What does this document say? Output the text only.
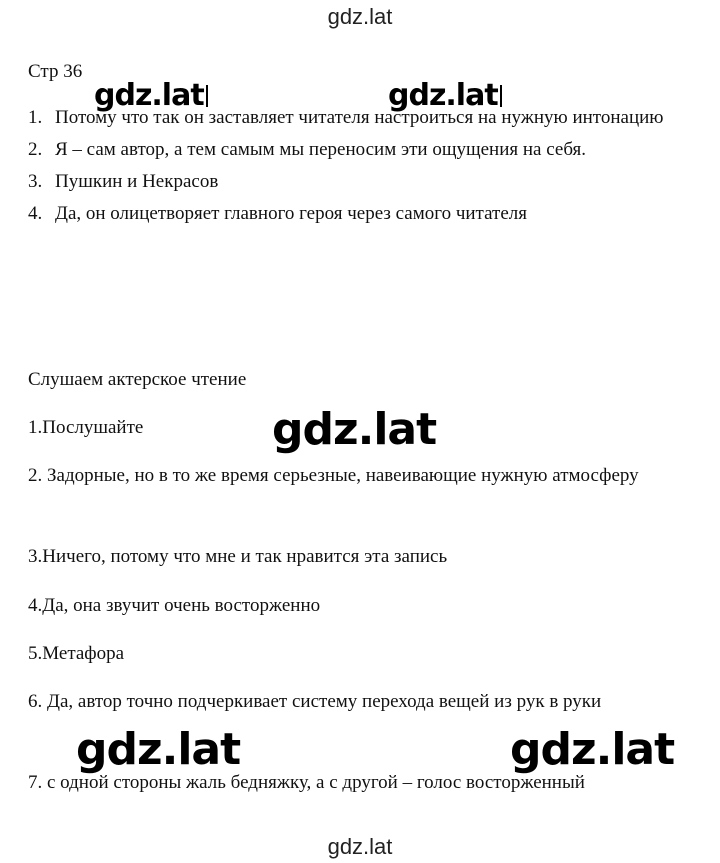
gdz.lat
Стр 36
1. Потому что так он заставляет читателя настроиться на нужную интонацию
2. Я – сам автор, а тем самым мы переносим эти ощущения на себя.
3. Пушкин и Некрасов
4. Да, он олицетворяет главного героя через самого читателя
Слушаем актерское чтение
1.Послушайте
2. Задорные, но в то же время серьезные, навеивающие нужную атмосферу
3.Ничего, потому что мне и так нравится эта запись
4.Да, она звучит очень восторженно
5.Метафора
6. Да, автор точно подчеркивает систему перехода вещей из рук в руки
7. с одной стороны жаль бедняжку, а с другой – голос восторженный
gdz.lat	gdz.lat
gdz.lat
gdz.lat	gdz.lat
gdz.lat
